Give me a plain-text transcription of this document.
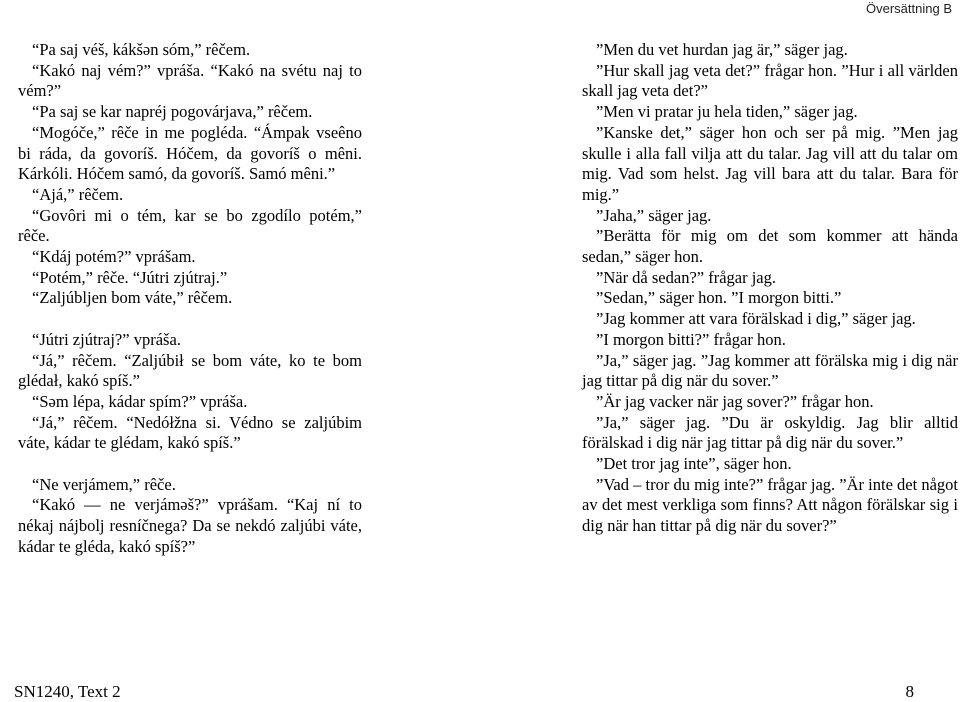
Översättning B

“Pa saj véš, kákšən sóm,” rêčem.

“Kakó naj vém?” vpráša. “Kakó na svétu naj to vém?”

“Pa saj se kar napréj pogovárjava,” rêčem.

“Mogóče,” rêče in me pogléda. “Ámpak vseêno bi ráda, da govoríš. Hóčem, da govoríš o mêni. Kárkóli. Hóčem samó, da govoríš. Samó mêni.”

“Ajá,” rêčem.

“Govôri mi o tém, kar se bo zgodílo potém,” rêče.

“Kdáj potém?” vprášam.

“Potém,” rêče. “Jútri zjútraj.”

“Zaljúbljen bom váte,” rêčem.

“Jútri zjútraj?” vpráša.

“Já,” rêčem. “Zaljúbił se bom váte, ko te bom glédał, kakó spíš.”

“Səm lépa, kádar spím?” vpráša.

“Já,” rêčem. “Nedółžna si. Védno se zaljúbim váte, kádar te glédam, kakó spíš.”

“Ne verjámem,” rêče.

“Kakó — ne verjáməš?” vprášam. “Kaj ní to nékaj nájbolj resníčnega? Da se nekdó zaljúbi váte, kádar te gléda, kakó spíš?”

”Men du vet hurdan jag är,” säger jag.

”Hur skall jag veta det?” frågar hon. ”Hur i all världen skall jag veta det?”

”Men vi pratar ju hela tiden,” säger jag.

”Kanske det,” säger hon och ser på mig. ”Men jag skulle i alla fall vilja att du talar. Jag vill att du talar om mig. Vad som helst. Jag vill bara att du talar. Bara för mig.”

”Jaha,” säger jag.

”Berätta för mig om det som kommer att hända sedan,” säger hon.

”När då sedan?” frågar jag.

”Sedan,” säger hon. ”I morgon bitti.”

”Jag kommer att vara förälskad i dig,” säger jag.

”I morgon bitti?” frågar hon.

”Ja,” säger jag. ”Jag kommer att förälska mig i dig när jag tittar på dig när du sover.”

”Är jag vacker när jag sover?” frågar hon.

”Ja,” säger jag. ”Du är oskyldig. Jag blir alltid förälskad i dig när jag tittar på dig när du sover.”

”Det tror jag inte”, säger hon.

”Vad – tror du mig inte?” frågar jag. ”Är inte det något av det mest verkliga som finns? Att någon förälskar sig i dig när han tittar på dig när du sover?”

SN1240, Text 2	8
